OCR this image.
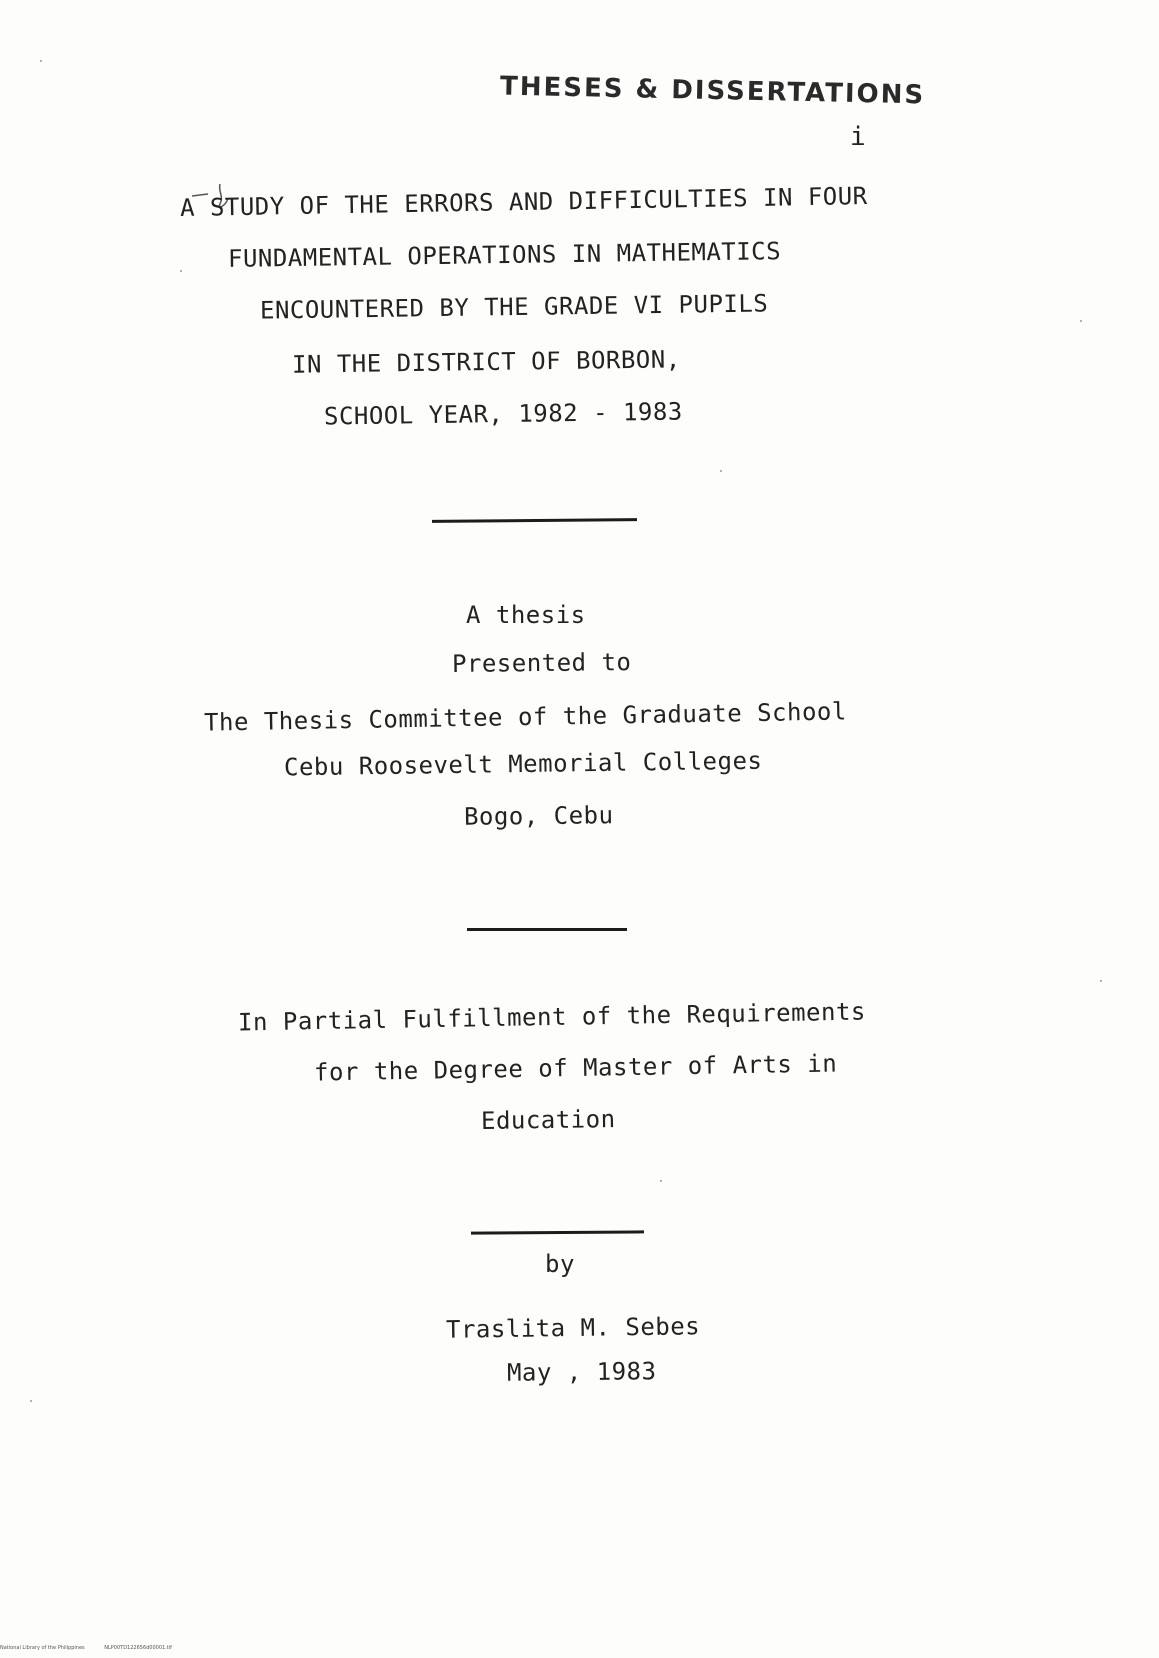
THESES & DISSERTATIONS
i
A STUDY OF THE ERRORS AND DIFFICULTIES IN FOUR
FUNDAMENTAL OPERATIONS IN MATHEMATICS
ENCOUNTERED BY THE GRADE VI PUPILS
IN THE DISTRICT OF BORBON,
SCHOOL YEAR, 1982 - 1983
A thesis
Presented to
The Thesis Committee of the Graduate School
Cebu Roosevelt Memorial Colleges
Bogo, Cebu
In Partial Fulfillment of the Requirements
for the Degree of Master of Arts in
Education
by
Traslita M. Sebes
May , 1983
National Library of the Philippines	NLP00TD122656d00001.tif
